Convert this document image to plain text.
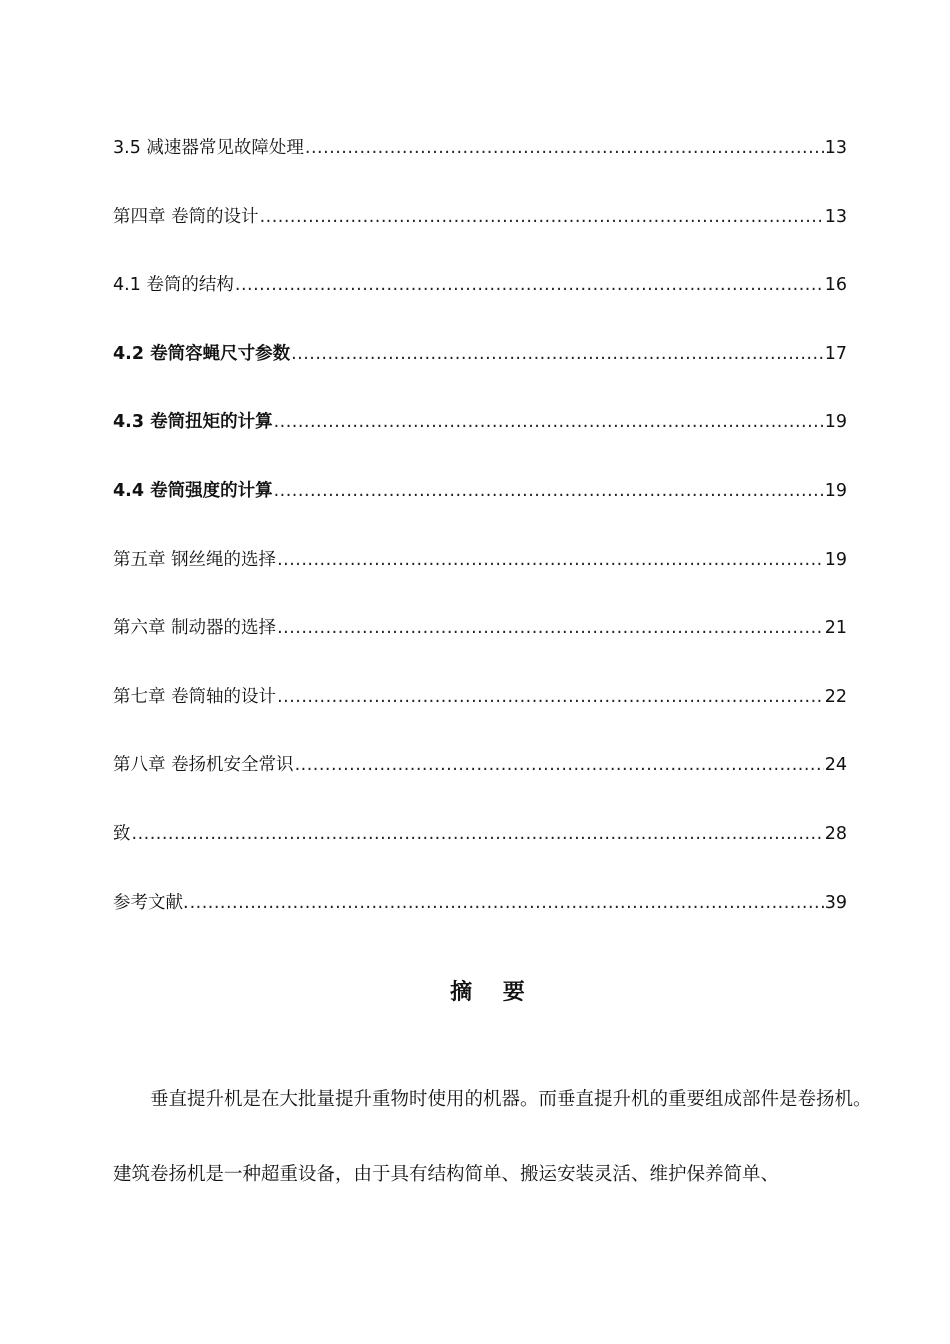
3.5 减速器常见故障处理 .....	13
第四章 卷筒的设计 .....	13
4.1 卷筒的结构 .....	16
4.2 卷筒容蝇尺寸参数 .....	17
4.3 卷筒扭矩的计算 .....	19
4.4 卷筒强度的计算 .....	19
第五章 钢丝绳的选择 .....	19
第六章 制动器的选择 .....	21
第七章 卷筒轴的设计 .....	22
第八章 卷扬机安全常识 .....	24
致 .....	28
参考文献. .....	39
摘    要
垂直提升机是在大批量提升重物时使用的机器。而垂直提升机的重要组成部件是卷扬机。建筑卷扬机是一种超重设备，由于具有结构简单、搬运安装灵活、维护保养简单、
